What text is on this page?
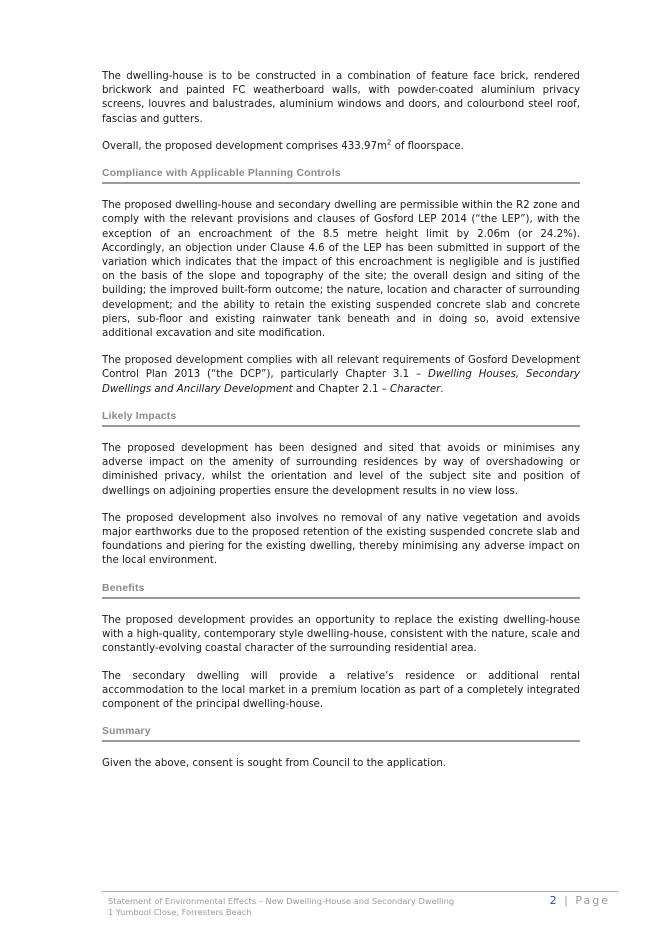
The dwelling-house is to be constructed in a combination of feature face brick, rendered brickwork and painted FC weatherboard walls, with powder-coated aluminium privacy screens, louvres and balustrades, aluminium windows and doors, and colourbond steel roof, fascias and gutters.

Overall, the proposed development comprises $433.97m^2$ of floorspace.

Compliance with Applicable Planning Controls

The proposed dwelling-house and secondary dwelling are permissible within the R2 zone and comply with the relevant provisions and clauses of Gosford LEP 2014 (“the LEP”), with the exception of an encroachment of the 8.5 metre height limit by 2.06m (or 24.2%). Accordingly, an objection under Clause 4.6 of the LEP has been submitted in support of the variation which indicates that the impact of this encroachment is negligible and is justified on the basis of the slope and topography of the site; the overall design and siting of the building; the improved built-form outcome; the nature, location and character of surrounding development; and the ability to retain the existing suspended concrete slab and concrete piers, sub-floor and existing rainwater tank beneath and in doing so, avoid extensive additional excavation and site modification.

The proposed development complies with all relevant requirements of Gosford Development Control Plan 2013 (“the DCP”), particularly Chapter 3.1 – Dwelling Houses, Secondary Dwellings and Ancillary Development and Chapter 2.1 – Character.

Likely Impacts

The proposed development has been designed and sited that avoids or minimises any adverse impact on the amenity of surrounding residences by way of overshadowing or diminished privacy, whilst the orientation and level of the subject site and position of dwellings on adjoining properties ensure the development results in no view loss.

The proposed development also involves no removal of any native vegetation and avoids major earthworks due to the proposed retention of the existing suspended concrete slab and foundations and piering for the existing dwelling, thereby minimising any adverse impact on the local environment.

Benefits

The proposed development provides an opportunity to replace the existing dwelling-house with a high-quality, contemporary style dwelling-house, consistent with the nature, scale and constantly-evolving coastal character of the surrounding residential area.

The secondary dwelling will provide a relative’s residence or additional rental accommodation to the local market in a premium location as part of a completely integrated component of the principal dwelling-house.

Summary

Given the above, consent is sought from Council to the application.

Statement of Environmental Effects – New Dwelling-House and Secondary Dwelling
1 Yumbool Close, Forresters Beach
2 | Page
